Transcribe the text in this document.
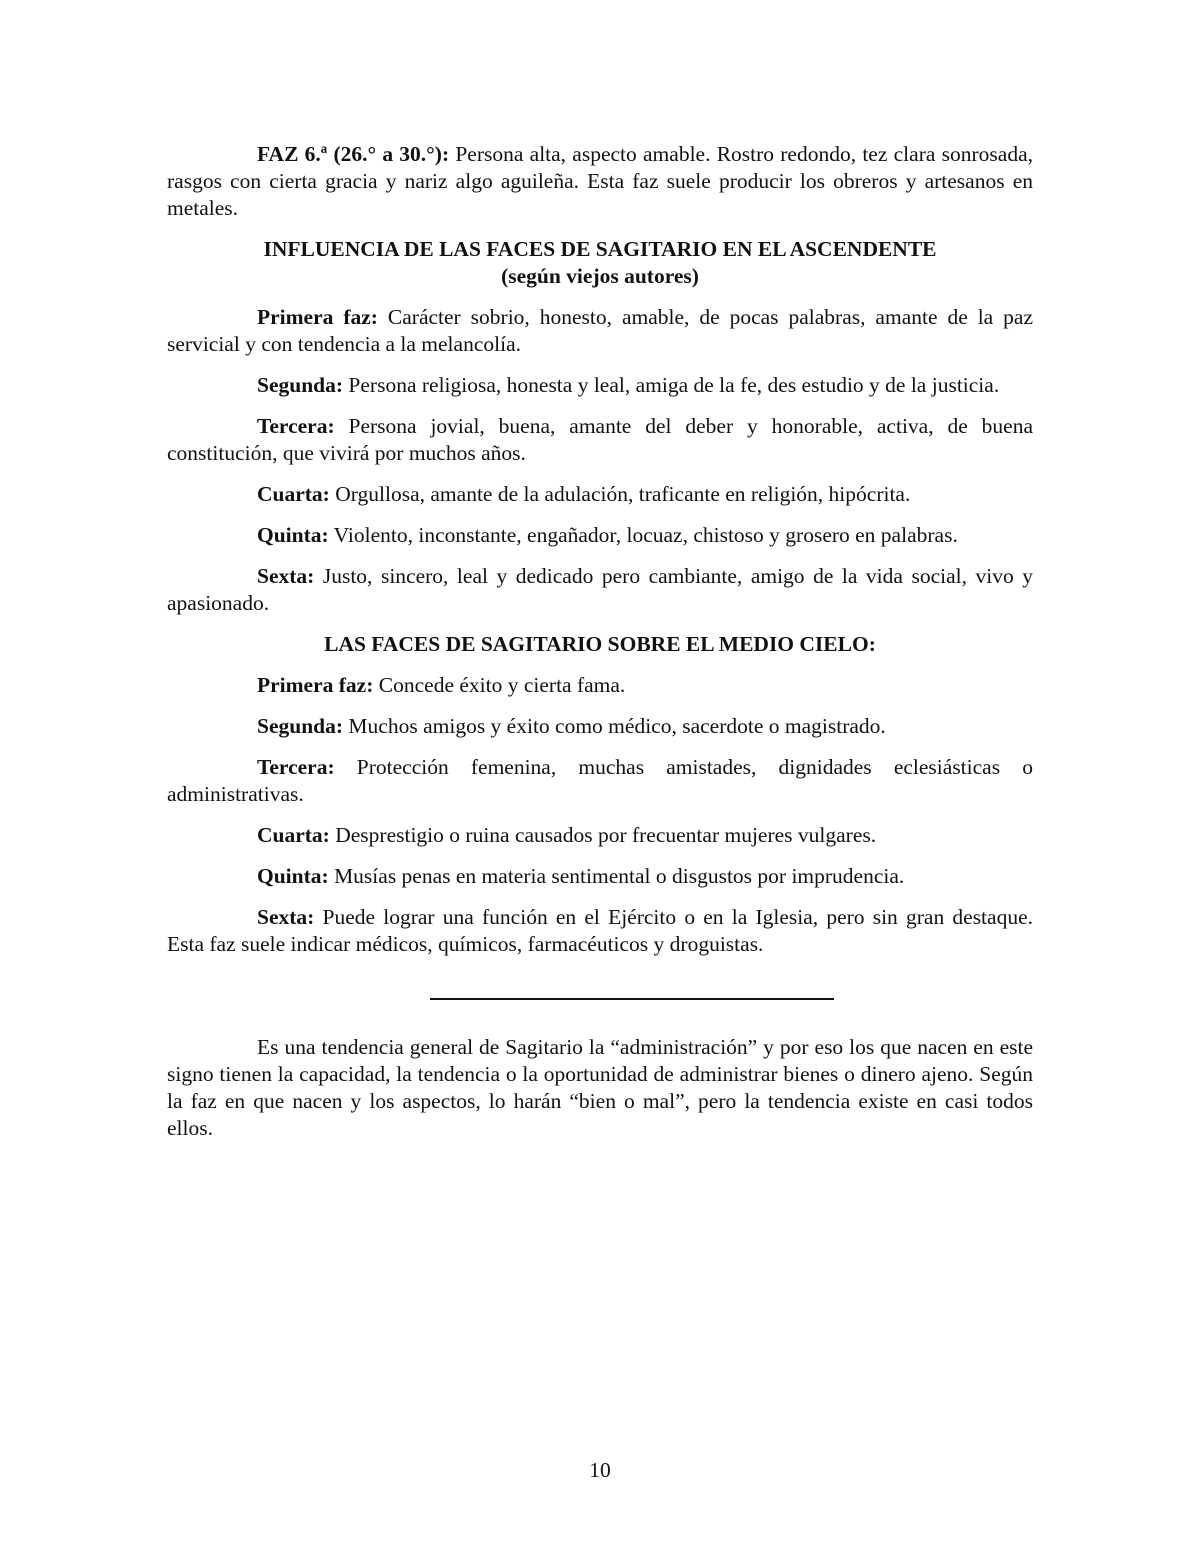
FAZ 6.ª (26.° a 30.°): Persona alta, aspecto amable. Rostro redondo, tez clara sonrosada, rasgos con cierta gracia y nariz algo aguileña. Esta faz suele producir los obreros y artesanos en metales.

INFLUENCIA DE LAS FACES DE SAGITARIO EN EL ASCENDENTE
(según viejos autores)

Primera faz: Carácter sobrio, honesto, amable, de pocas palabras, amante de la paz servicial y con tendencia a la melancolía.

Segunda: Persona religiosa, honesta y leal, amiga de la fe, des estudio y de la justicia.

Tercera: Persona jovial, buena, amante del deber y honorable, activa, de buena constitución, que vivirá por muchos años.

Cuarta: Orgullosa, amante de la adulación, traficante en religión, hipócrita.

Quinta: Violento, inconstante, engañador, locuaz, chistoso y grosero en palabras.

Sexta: Justo, sincero, leal y dedicado pero cambiante, amigo de la vida social, vivo y apasionado.

LAS FACES DE SAGITARIO SOBRE EL MEDIO CIELO:

Primera faz: Concede éxito y cierta fama.

Segunda: Muchos amigos y éxito como médico, sacerdote o magistrado.

Tercera: Protección femenina, muchas amistades, dignidades eclesiásticas o administrativas.

Cuarta: Desprestigio o ruina causados por frecuentar mujeres vulgares.

Quinta: Musías penas en materia sentimental o disgustos por imprudencia.

Sexta: Puede lograr una función en el Ejército o en la Iglesia, pero sin gran destaque. Esta faz suele indicar médicos, químicos, farmacéuticos y droguistas.

Es una tendencia general de Sagitario la “administración” y por eso los que nacen en este signo tienen la capacidad, la tendencia o la oportunidad de administrar bienes o dinero ajeno. Según la faz en que nacen y los aspectos, lo harán “bien o mal”, pero la tendencia existe en casi todos ellos.

10
